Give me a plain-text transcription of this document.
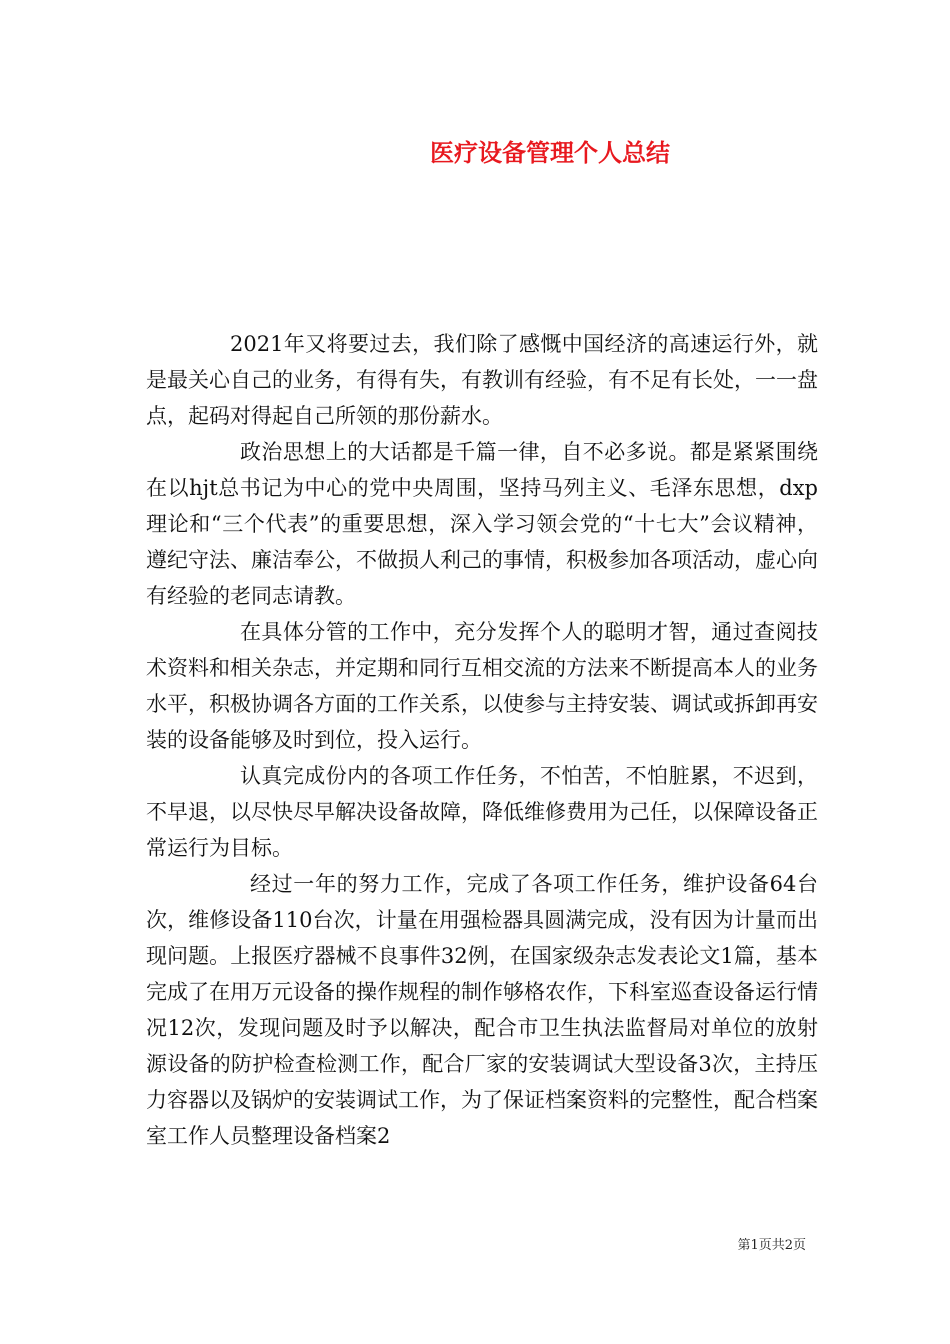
医疗设备管理个人总结

2021年又将要过去，我们除了感慨中国经济的高速运行外，就是最关心自己的业务，有得有失，有教训有经验，有不足有长处，一一盘点，起码对得起自己所领的那份薪水。

政治思想上的大话都是千篇一律，自不必多说。都是紧紧围绕在以hjt总书记为中心的党中央周围，坚持马列主义、毛泽东思想，dxp理论和“三个代表”的重要思想，深入学习领会党的“十七大”会议精神，遵纪守法、廉洁奉公，不做损人利己的事情，积极参加各项活动，虚心向有经验的老同志请教。

在具体分管的工作中，充分发挥个人的聪明才智，通过查阅技术资料和相关杂志，并定期和同行互相交流的方法来不断提高本人的业务水平，积极协调各方面的工作关系，以使参与主持安装、调试或拆卸再安装的设备能够及时到位，投入运行。

认真完成份内的各项工作任务，不怕苦，不怕脏累，不迟到，不早退，以尽快尽早解决设备故障，降低维修费用为己任，以保障设备正常运行为目标。

经过一年的努力工作，完成了各项工作任务，维护设备64台次，维修设备110台次，计量在用强检器具圆满完成，没有因为计量而出现问题。上报医疗器械不良事件32例，在国家级杂志发表论文1篇，基本完成了在用万元设备的操作规程的制作够格农作，下科室巡查设备运行情况12次，发现问题及时予以解决，配合市卫生执法监督局对单位的放射源设备的防护检查检测工作，配合厂家的安装调试大型设备3次，主持压力容器以及锅炉的安装调试工作，为了保证档案资料的完整性，配合档案室工作人员整理设备档案2

第1页共2页
